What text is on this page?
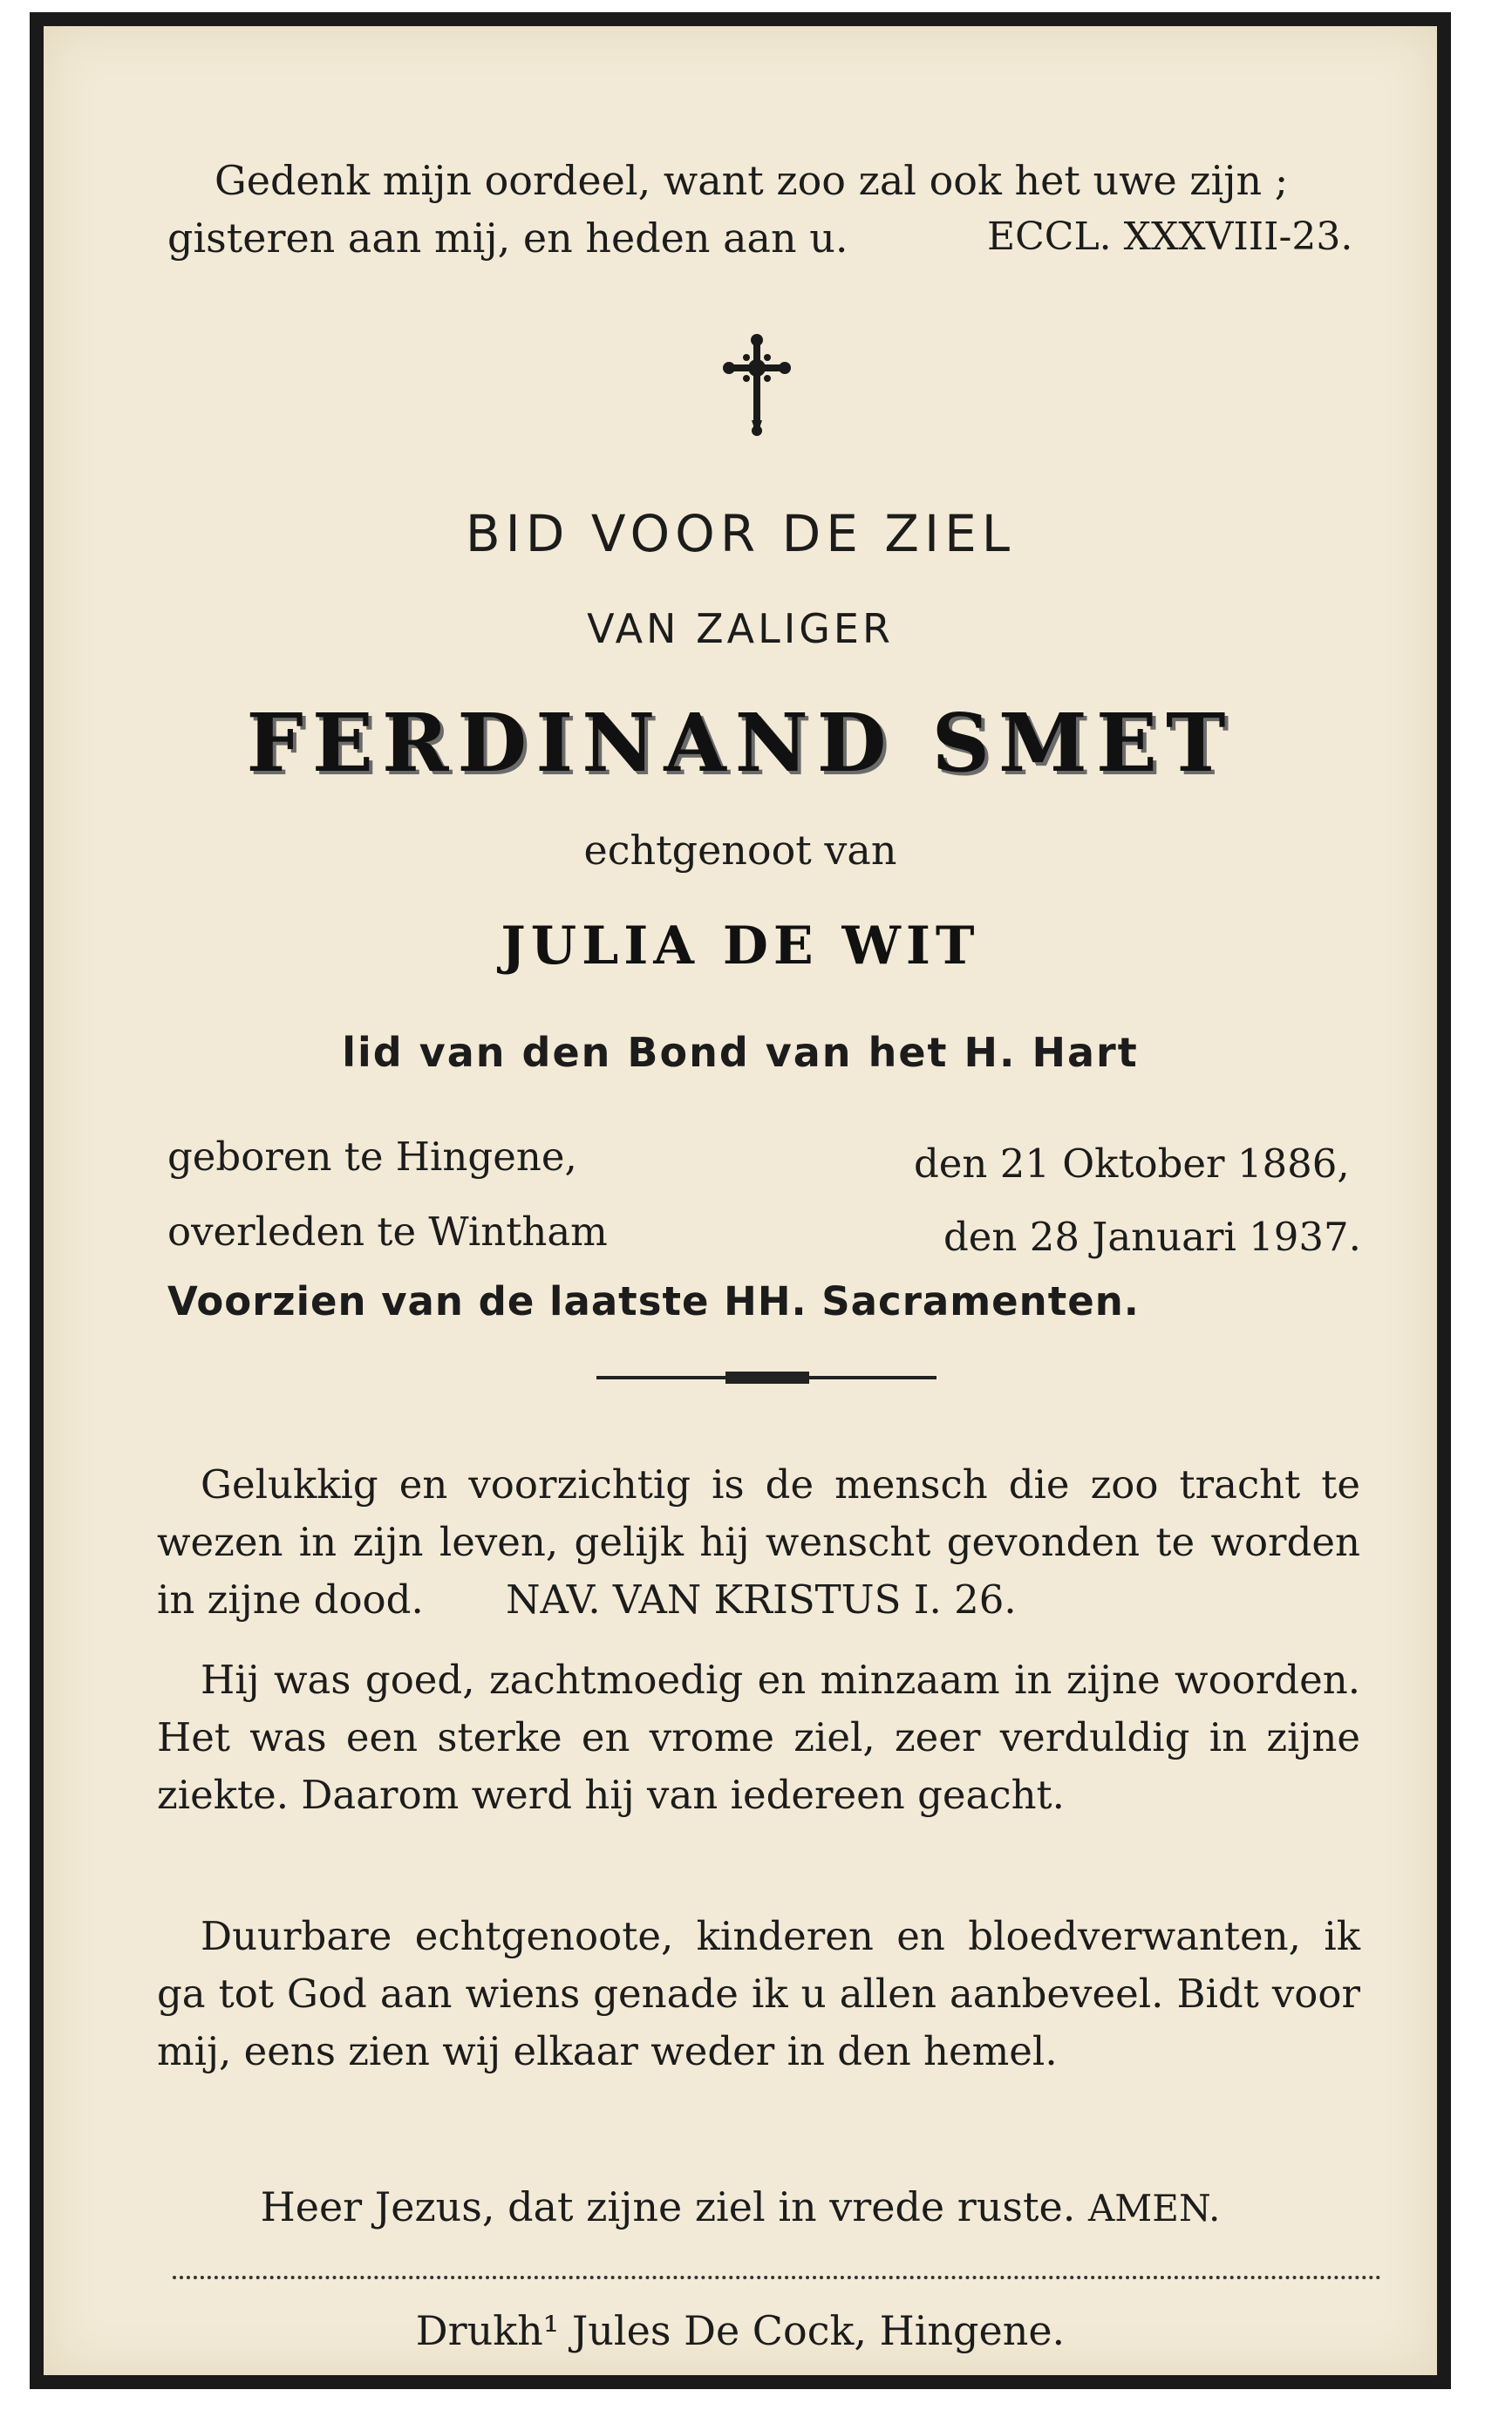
Gedenk mijn oordeel, want zoo zal ook het uwe zijn ;
gisteren aan mij, en heden aan u.	ECCL. XXXVIII-23.
BID VOOR DE ZIEL
VAN ZALIGER
FERDINAND SMET
echtgenoot van
JULIA DE WIT
lid van den Bond van het H. Hart
geboren te Hingene,	den 21 Oktober 1886,
overleden te Wintham	den 28 Januari 1937.
Voorzien van de laatste HH. Sacramenten.
Gelukkig en voorzichtig is de mensch die zoo tracht te wezen in zijn leven, gelijk hij wenscht gevonden te worden in zijne dood. NAV. VAN KRISTUS I. 26.
Hij was goed, zachtmoedig en minzaam in zijne woorden. Het was een sterke en vrome ziel, zeer verduldig in zijne ziekte. Daarom werd hij van iedereen geacht.
Duurbare echtgenoote, kinderen en bloedverwanten, ik ga tot God aan wiens genade ik u allen aanbeveel. Bidt voor mij, eens zien wij elkaar weder in den hemel.
Heer Jezus, dat zijne ziel in vrede ruste. AMEN.
Drukh¹ Jules De Cock, Hingene.
